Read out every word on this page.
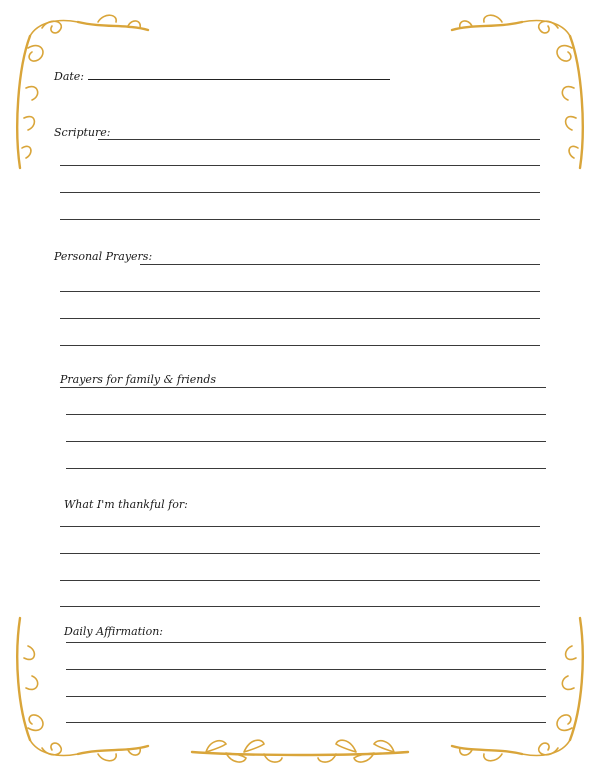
Date:
Scripture:
Personal Prayers:
Prayers for family & friends
What I'm thankful for:
Daily Affirmation:
